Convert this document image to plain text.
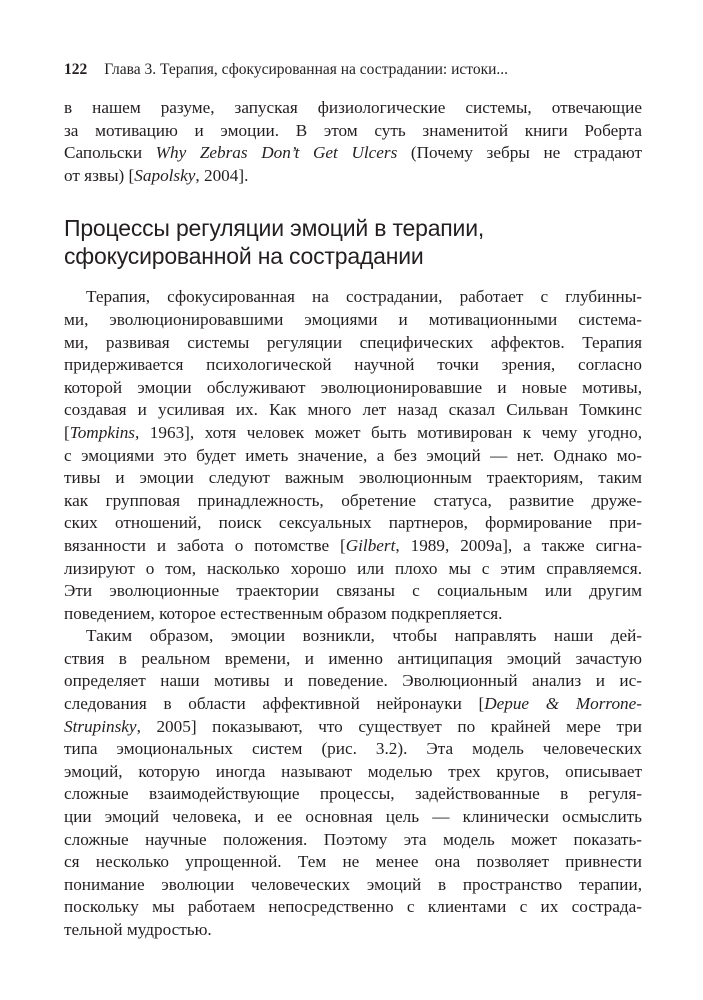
122 Глава 3. Терапия, сфокусированная на сострадании: истоки...
в нашем разуме, запуская физиологические системы, отвечающие
за мотивацию и эмоции. В этом суть знаменитой книги Роберта
Сапольски Why Zebras Don’t Get Ulcers (Почему зебры не страдают
от язвы) [Sapolsky, 2004].
Процессы регуляции эмоций в терапии,
сфокусированной на сострадании
Терапия, сфокусированная на сострадании, работает с глубинны-
ми, эволюционировавшими эмоциями и мотивационными система-
ми, развивая системы регуляции специфических аффектов. Терапия
придерживается психологической научной точки зрения, согласно
которой эмоции обслуживают эволюционировавшие и новые мотивы,
создавая и усиливая их. Как много лет назад сказал Сильван Томкинс
[Tompkins, 1963], хотя человек может быть мотивирован к чему угодно,
с эмоциями это будет иметь значение, а без эмоций — нет. Однако мо-
тивы и эмоции следуют важным эволюционным траекториям, таким
как групповая принадлежность, обретение статуса, развитие друже-
ских отношений, поиск сексуальных партнеров, формирование при-
вязанности и забота о потомстве [Gilbert, 1989, 2009a], а также сигна-
лизируют о том, насколько хорошо или плохо мы с этим справляемся.
Эти эволюционные траектории связаны с социальным или другим
поведением, которое естественным образом подкрепляется.
Таким образом, эмоции возникли, чтобы направлять наши дей-
ствия в реальном времени, и именно антиципация эмоций зачастую
определяет наши мотивы и поведение. Эволюционный анализ и ис-
следования в области аффективной нейронауки [Depue & Morrone-
Strupinsky, 2005] показывают, что существует по крайней мере три
типа эмоциональных систем (рис. 3.2). Эта модель человеческих
эмоций, которую иногда называют моделью трех кругов, описывает
сложные взаимодействующие процессы, задействованные в регуля-
ции эмоций человека, и ее основная цель — клинически осмыслить
сложные научные положения. Поэтому эта модель может показать-
ся несколько упрощенной. Тем не менее она позволяет привнести
понимание эволюции человеческих эмоций в пространство терапии,
поскольку мы работаем непосредственно с клиентами с их сострада-
тельной мудростью.
